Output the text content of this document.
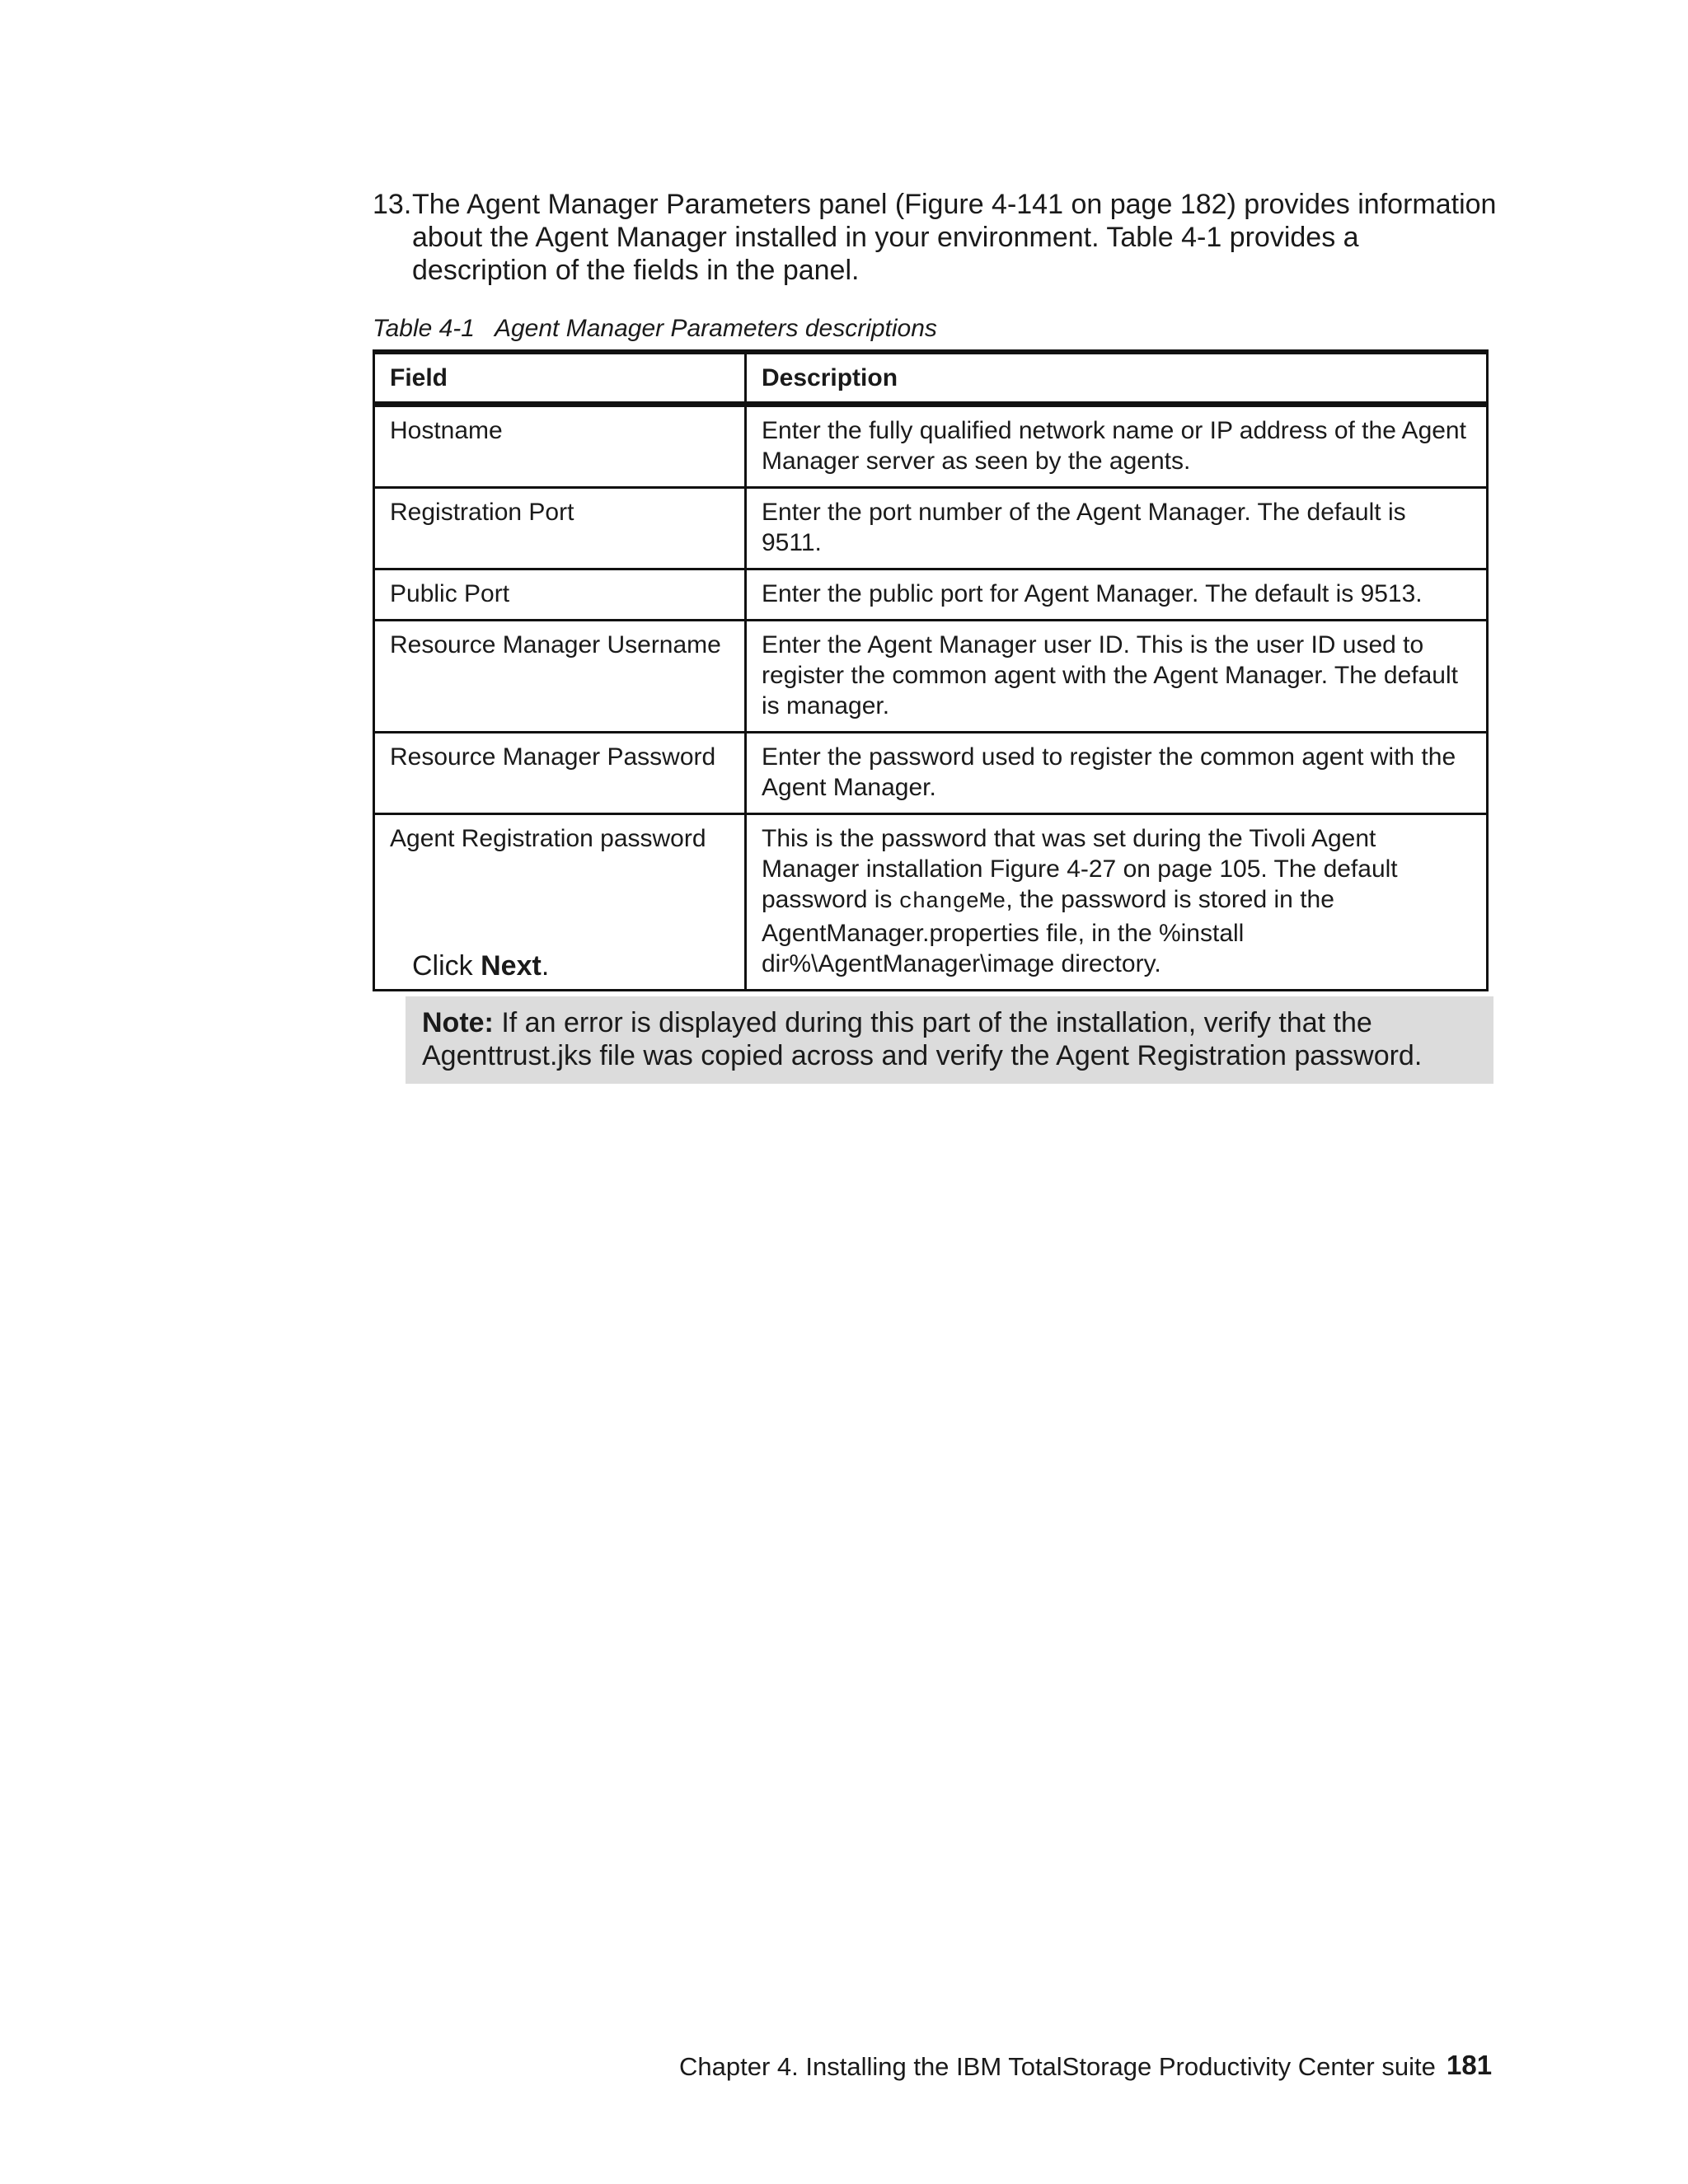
13. The Agent Manager Parameters panel (Figure 4-141 on page 182) provides information about the Agent Manager installed in your environment. Table 4-1 provides a description of the fields in the panel.
Table 4-1 Agent Manager Parameters descriptions
Field	Description
Hostname	Enter the fully qualified network name or IP address of the Agent Manager server as seen by the agents.
Registration Port	Enter the port number of the Agent Manager. The default is 9511.
Public Port	Enter the public port for Agent Manager. The default is 9513.
Resource Manager Username	Enter the Agent Manager user ID. This is the user ID used to register the common agent with the Agent Manager. The default is manager.
Resource Manager Password	Enter the password used to register the common agent with the Agent Manager.
Agent Registration password	This is the password that was set during the Tivoli Agent Manager installation Figure 4-27 on page 105. The default password is changeMe, the password is stored in the AgentManager.properties file, in the %install dir%\AgentManager\image directory.
Click Next.
Note: If an error is displayed during this part of the installation, verify that the Agenttrust.jks file was copied across and verify the Agent Registration password.
Chapter 4. Installing the IBM TotalStorage Productivity Center suite 181
